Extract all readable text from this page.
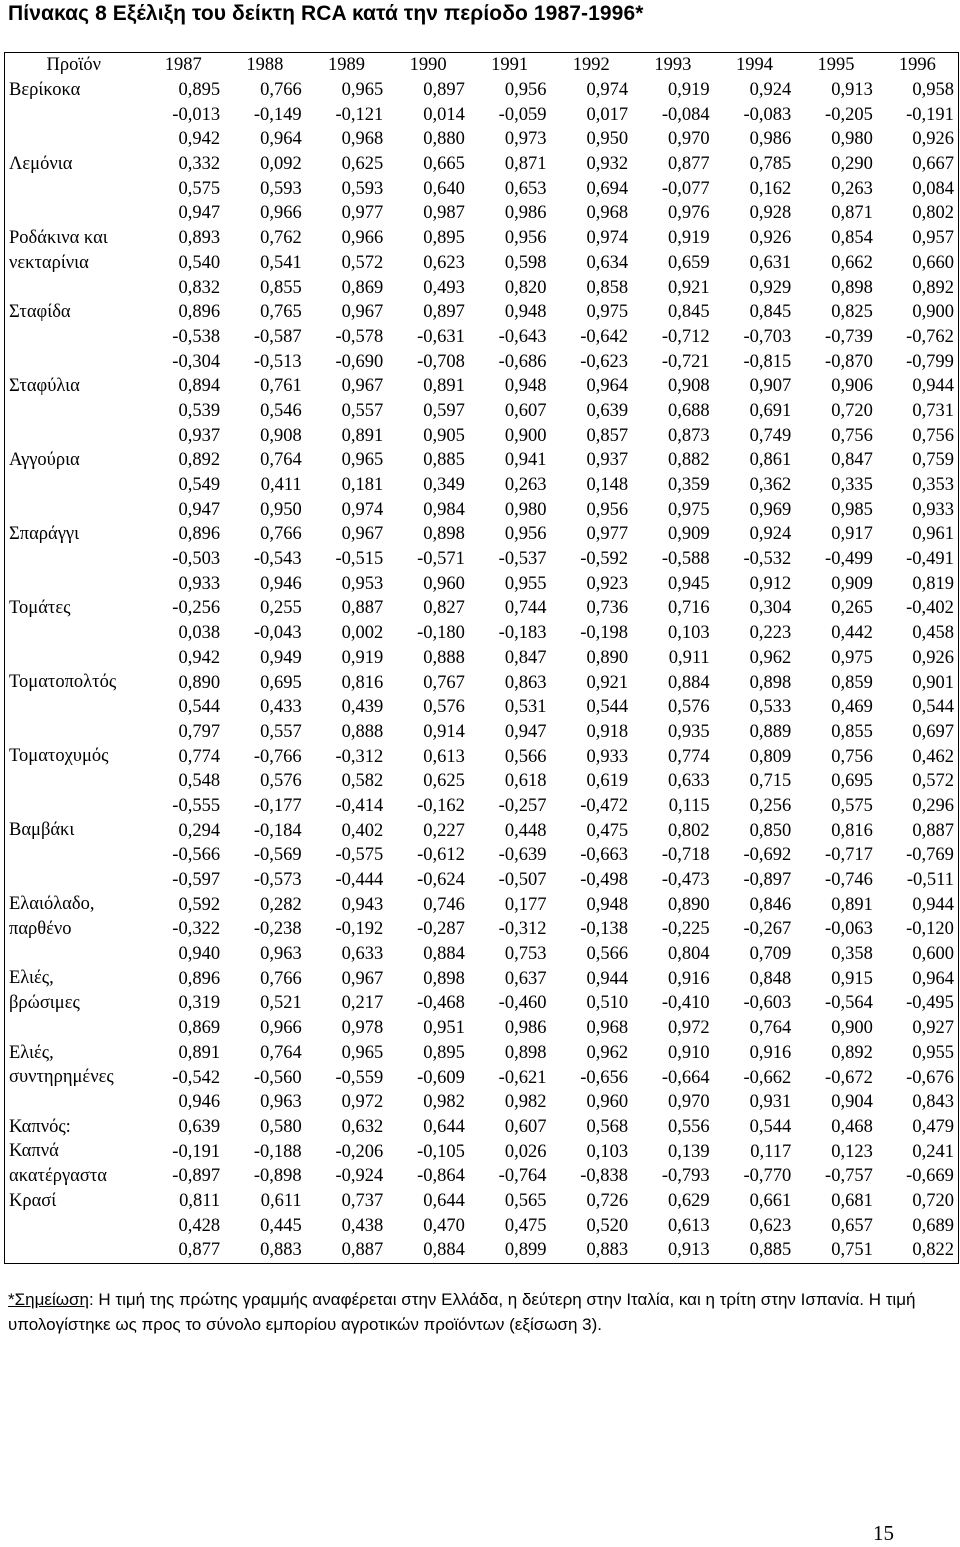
Πίνακας 8 Εξέλιξη του δείκτη RCA κατά την περίοδο 1987-1996*
Προϊόν	1987	1988	1989	1990	1991	1992	1993	1994	1995	1996

Βερίκοκα	0,895	0,766	0,965	0,897	0,956	0,974	0,919	0,924	0,913	0,958
	-0,013	-0,149	-0,121	0,014	-0,059	0,017	-0,084	-0,083	-0,205	-0,191
	0,942	0,964	0,968	0,880	0,973	0,950	0,970	0,986	0,980	0,926

Λεμόνια	0,332	0,092	0,625	0,665	0,871	0,932	0,877	0,785	0,290	0,667
	0,575	0,593	0,593	0,640	0,653	0,694	-0,077	0,162	0,263	0,084
	0,947	0,966	0,977	0,987	0,986	0,968	0,976	0,928	0,871	0,802

Ροδάκινα και
νεκταρίνια	0,893	0,762	0,966	0,895	0,956	0,974	0,919	0,926	0,854	0,957
	0,540	0,541	0,572	0,623	0,598	0,634	0,659	0,631	0,662	0,660
	0,832	0,855	0,869	0,493	0,820	0,858	0,921	0,929	0,898	0,892

Σταφίδα	0,896	0,765	0,967	0,897	0,948	0,975	0,845	0,845	0,825	0,900
	-0,538	-0,587	-0,578	-0,631	-0,643	-0,642	-0,712	-0,703	-0,739	-0,762
	-0,304	-0,513	-0,690	-0,708	-0,686	-0,623	-0,721	-0,815	-0,870	-0,799

Σταφύλια	0,894	0,761	0,967	0,891	0,948	0,964	0,908	0,907	0,906	0,944
	0,539	0,546	0,557	0,597	0,607	0,639	0,688	0,691	0,720	0,731
	0,937	0,908	0,891	0,905	0,900	0,857	0,873	0,749	0,756	0,756

Αγγούρια	0,892	0,764	0,965	0,885	0,941	0,937	0,882	0,861	0,847	0,759
	0,549	0,411	0,181	0,349	0,263	0,148	0,359	0,362	0,335	0,353
	0,947	0,950	0,974	0,984	0,980	0,956	0,975	0,969	0,985	0,933

Σπαράγγι	0,896	0,766	0,967	0,898	0,956	0,977	0,909	0,924	0,917	0,961
	-0,503	-0,543	-0,515	-0,571	-0,537	-0,592	-0,588	-0,532	-0,499	-0,491
	0,933	0,946	0,953	0,960	0,955	0,923	0,945	0,912	0,909	0,819

Τομάτες	-0,256	0,255	0,887	0,827	0,744	0,736	0,716	0,304	0,265	-0,402
	0,038	-0,043	0,002	-0,180	-0,183	-0,198	0,103	0,223	0,442	0,458
	0,942	0,949	0,919	0,888	0,847	0,890	0,911	0,962	0,975	0,926

Τοματοπολτός	0,890	0,695	0,816	0,767	0,863	0,921	0,884	0,898	0,859	0,901
	0,544	0,433	0,439	0,576	0,531	0,544	0,576	0,533	0,469	0,544
	0,797	0,557	0,888	0,914	0,947	0,918	0,935	0,889	0,855	0,697

Τοματοχυμός	0,774	-0,766	-0,312	0,613	0,566	0,933	0,774	0,809	0,756	0,462
	0,548	0,576	0,582	0,625	0,618	0,619	0,633	0,715	0,695	0,572
	-0,555	-0,177	-0,414	-0,162	-0,257	-0,472	0,115	0,256	0,575	0,296

Βαμβάκι	0,294	-0,184	0,402	0,227	0,448	0,475	0,802	0,850	0,816	0,887
	-0,566	-0,569	-0,575	-0,612	-0,639	-0,663	-0,718	-0,692	-0,717	-0,769
	-0,597	-0,573	-0,444	-0,624	-0,507	-0,498	-0,473	-0,897	-0,746	-0,511

Ελαιόλαδο,
παρθένο	0,592	0,282	0,943	0,746	0,177	0,948	0,890	0,846	0,891	0,944
	-0,322	-0,238	-0,192	-0,287	-0,312	-0,138	-0,225	-0,267	-0,063	-0,120
	0,940	0,963	0,633	0,884	0,753	0,566	0,804	0,709	0,358	0,600

Ελιές,
βρώσιμες	0,896	0,766	0,967	0,898	0,637	0,944	0,916	0,848	0,915	0,964
	0,319	0,521	0,217	-0,468	-0,460	0,510	-0,410	-0,603	-0,564	-0,495
	0,869	0,966	0,978	0,951	0,986	0,968	0,972	0,764	0,900	0,927

Ελιές,
συντηρημένες	0,891	0,764	0,965	0,895	0,898	0,962	0,910	0,916	0,892	0,955
	-0,542	-0,560	-0,559	-0,609	-0,621	-0,656	-0,664	-0,662	-0,672	-0,676
	0,946	0,963	0,972	0,982	0,982	0,960	0,970	0,931	0,904	0,843

Καπνός:
Καπνά
ακατέργαστα	0,639	0,580	0,632	0,644	0,607	0,568	0,556	0,544	0,468	0,479
	-0,191	-0,188	-0,206	-0,105	0,026	0,103	0,139	0,117	0,123	0,241
	-0,897	-0,898	-0,924	-0,864	-0,764	-0,838	-0,793	-0,770	-0,757	-0,669

Κρασί	0,811	0,611	0,737	0,644	0,565	0,726	0,629	0,661	0,681	0,720
	0,428	0,445	0,438	0,470	0,475	0,520	0,613	0,623	0,657	0,689
	0,877	0,883	0,887	0,884	0,899	0,883	0,913	0,885	0,751	0,822
*Σημείωση: Η τιμή της πρώτης γραμμής αναφέρεται στην Ελλάδα, η δεύτερη στην Ιταλία, και η τρίτη στην Ισπανία. Η τιμή υπολογίστηκε ως προς το σύνολο εμπορίου αγροτικών προϊόντων (εξίσωση 3).
15
